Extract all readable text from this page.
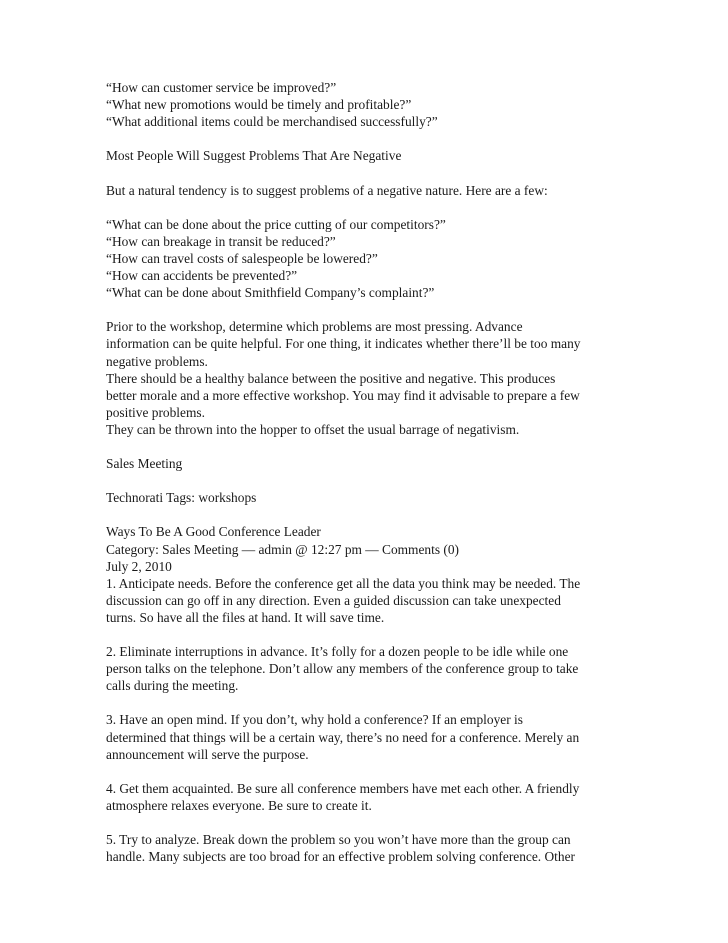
“How can customer service be improved?”
“What new promotions would be timely and profitable?”
“What additional items could be merchandised successfully?”
Most People Will Suggest Problems That Are Negative
But a natural tendency is to suggest problems of a negative nature. Here are a few:
“What can be done about the price cutting of our competitors?”
“How can breakage in transit be reduced?”
“How can travel costs of salespeople be lowered?”
“How can accidents be prevented?”
“What can be done about Smithfield Company’s complaint?”
Prior to the workshop, determine which problems are most pressing. Advance
information can be quite helpful. For one thing, it indicates whether there’ll be too many
negative problems.
There should be a healthy balance between the positive and negative. This produces
better morale and a more effective workshop. You may find it advisable to prepare a few
positive problems.
They can be thrown into the hopper to offset the usual barrage of negativism.
Sales Meeting
Technorati Tags: workshops
Ways To Be A Good Conference Leader
Category: Sales Meeting — admin @ 12:27 pm — Comments (0)
July 2, 2010
1. Anticipate needs. Before the conference get all the data you think may be needed. The
discussion can go off in any direction. Even a guided discussion can take unexpected
turns. So have all the files at hand. It will save time.
2. Eliminate interruptions in advance. It’s folly for a dozen people to be idle while one
person talks on the telephone. Don’t allow any members of the conference group to take
calls during the meeting.
3. Have an open mind. If you don’t, why hold a conference? If an employer is
determined that things will be a certain way, there’s no need for a conference. Merely an
announcement will serve the purpose.
4. Get them acquainted. Be sure all conference members have met each other. A friendly
atmosphere relaxes everyone. Be sure to create it.
5. Try to analyze. Break down the problem so you won’t have more than the group can
handle. Many subjects are too broad for an effective problem solving conference. Other
